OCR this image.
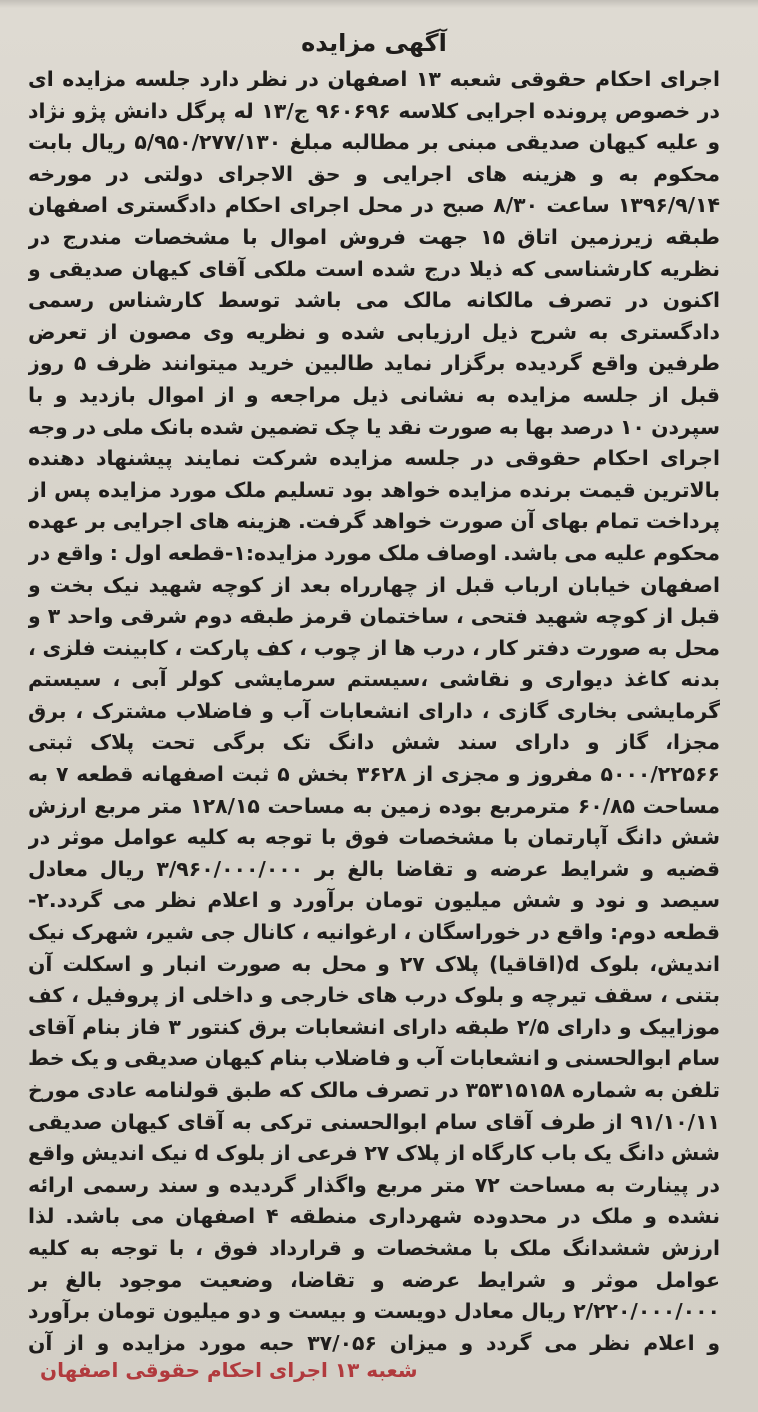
آگهی مزایده

اجرای احکام حقوقی شعبه ۱۳ اصفهان در نظر دارد جلسه مزایده ای در خصوص پرونده اجرایی کلاسه ۹۶۰۶۹۶ ج/۱۳ له پرگل دانش پژو نژاد و علیه کیهان صدیقی مبنی بر مطالبه مبلغ ۵/۹۵۰/۲۷۷/۱۳۰ ریال بابت محکوم به و هزینه های اجرایی و حق الاجرای دولتی در مورخه ۱۳۹۶/۹/۱۴ ساعت ۸/۳۰ صبح در محل اجرای احکام دادگستری اصفهان طبقه زیرزمین اتاق ۱۵ جهت فروش اموال با مشخصات مندرج در نظریه کارشناسی که ذیلا درج شده است ملکی آقای کیهان صدیقی و اکنون در تصرف مالکانه مالک می باشد توسط کارشناس رسمی دادگستری به شرح ذیل ارزیابی شده و نظریه وی مصون از تعرض طرفین واقع گردیده برگزار نماید طالبین خرید میتوانند ظرف ۵ روز قبل از جلسه مزایده به نشانی ذیل مراجعه و از اموال بازدید و با سپردن ۱۰ درصد بها به صورت نقد یا چک تضمین شده بانک ملی در وجه اجرای احکام حقوقی در جلسه مزایده شرکت نمایند پیشنهاد دهنده بالاترین قیمت برنده مزایده خواهد بود تسلیم ملک مورد مزایده پس از پرداخت تمام بهای آن صورت خواهد گرفت. هزینه های اجرایی بر عهده محکوم علیه می باشد. اوصاف ملک مورد مزایده:۱-قطعه اول : واقع در اصفهان خیابان ارباب قبل از چهارراه بعد از کوچه شهید نیک بخت و قبل از کوچه شهید فتحی ، ساختمان قرمز طبقه دوم شرقی واحد ۳ و محل به صورت دفتر کار ، درب ها از چوب ، کف پارکت ، کابینت فلزی ، بدنه کاغذ دیواری و نقاشی ،سیستم سرمایشی کولر آبی ، سیستم گرمایشی بخاری گازی ، دارای انشعابات آب و فاضلاب مشترک ، برق مجزا، گاز و دارای سند شش دانگ تک برگی تحت پلاک ثبتی ۵۰۰۰/۲۲۵۶۶ مفروز و مجزی از ۳۶۲۸ بخش ۵ ثبت اصفهانه قطعه ۷ به مساحت ۶۰/۸۵ مترمربع بوده زمین به مساحت ۱۲۸/۱۵ متر مربع ارزش شش دانگ آپارتمان با مشخصات فوق با توجه به کلیه عوامل موثر در قضیه و شرایط عرضه و تقاضا بالغ بر ۳/۹۶۰/۰۰۰/۰۰۰ ریال معادل سیصد و نود و شش میلیون تومان برآورد و اعلام نظر می گردد.۲- قطعه دوم: واقع در خوراسگان ، ارغوانیه ، کانال جی شیر، شهرک نیک اندیش، بلوک d(اقاقیا) پلاک ۲۷ و محل به صورت انبار و اسکلت آن بتنی ، سقف تیرچه و بلوک درب های خارجی و داخلی از پروفیل ، کف موزاییک و دارای ۲/۵ طبقه دارای انشعابات برق کنتور ۳ فاز بنام آقای سام ابوالحسنی و انشعابات آب و فاضلاب بنام کیهان صدیقی و یک خط تلفن به شماره ۳۵۳۱۵۱۵۸ در تصرف مالک که طبق قولنامه عادی مورخ ۹۱/۱۰/۱۱ از طرف آقای سام ابوالحسنی ترکی به آقای کیهان صدیقی شش دانگ یک باب کارگاه از پلاک ۲۷ فرعی از بلوک d نیک اندیش واقع در پینارت به مساحت ۷۲ متر مربع واگذار گردیده و سند رسمی ارائه نشده و ملک در محدوده شهرداری منطقه ۴ اصفهان می باشد. لذا ارزش ششدانگ ملک با مشخصات و قرارداد فوق ، با توجه به کلیه عوامل موثر و شرایط عرضه و تقاضا، وضعیت موجود بالغ بر ۲/۲۲۰/۰۰۰/۰۰۰ ریال معادل دویست و بیست و دو میلیون تومان برآورد و اعلام نظر می گردد و میزان ۳۷/۰۵۶ حبه مورد مزایده و از آن

شعبه ۱۳ اجرای احکام حقوقی اصفهان
